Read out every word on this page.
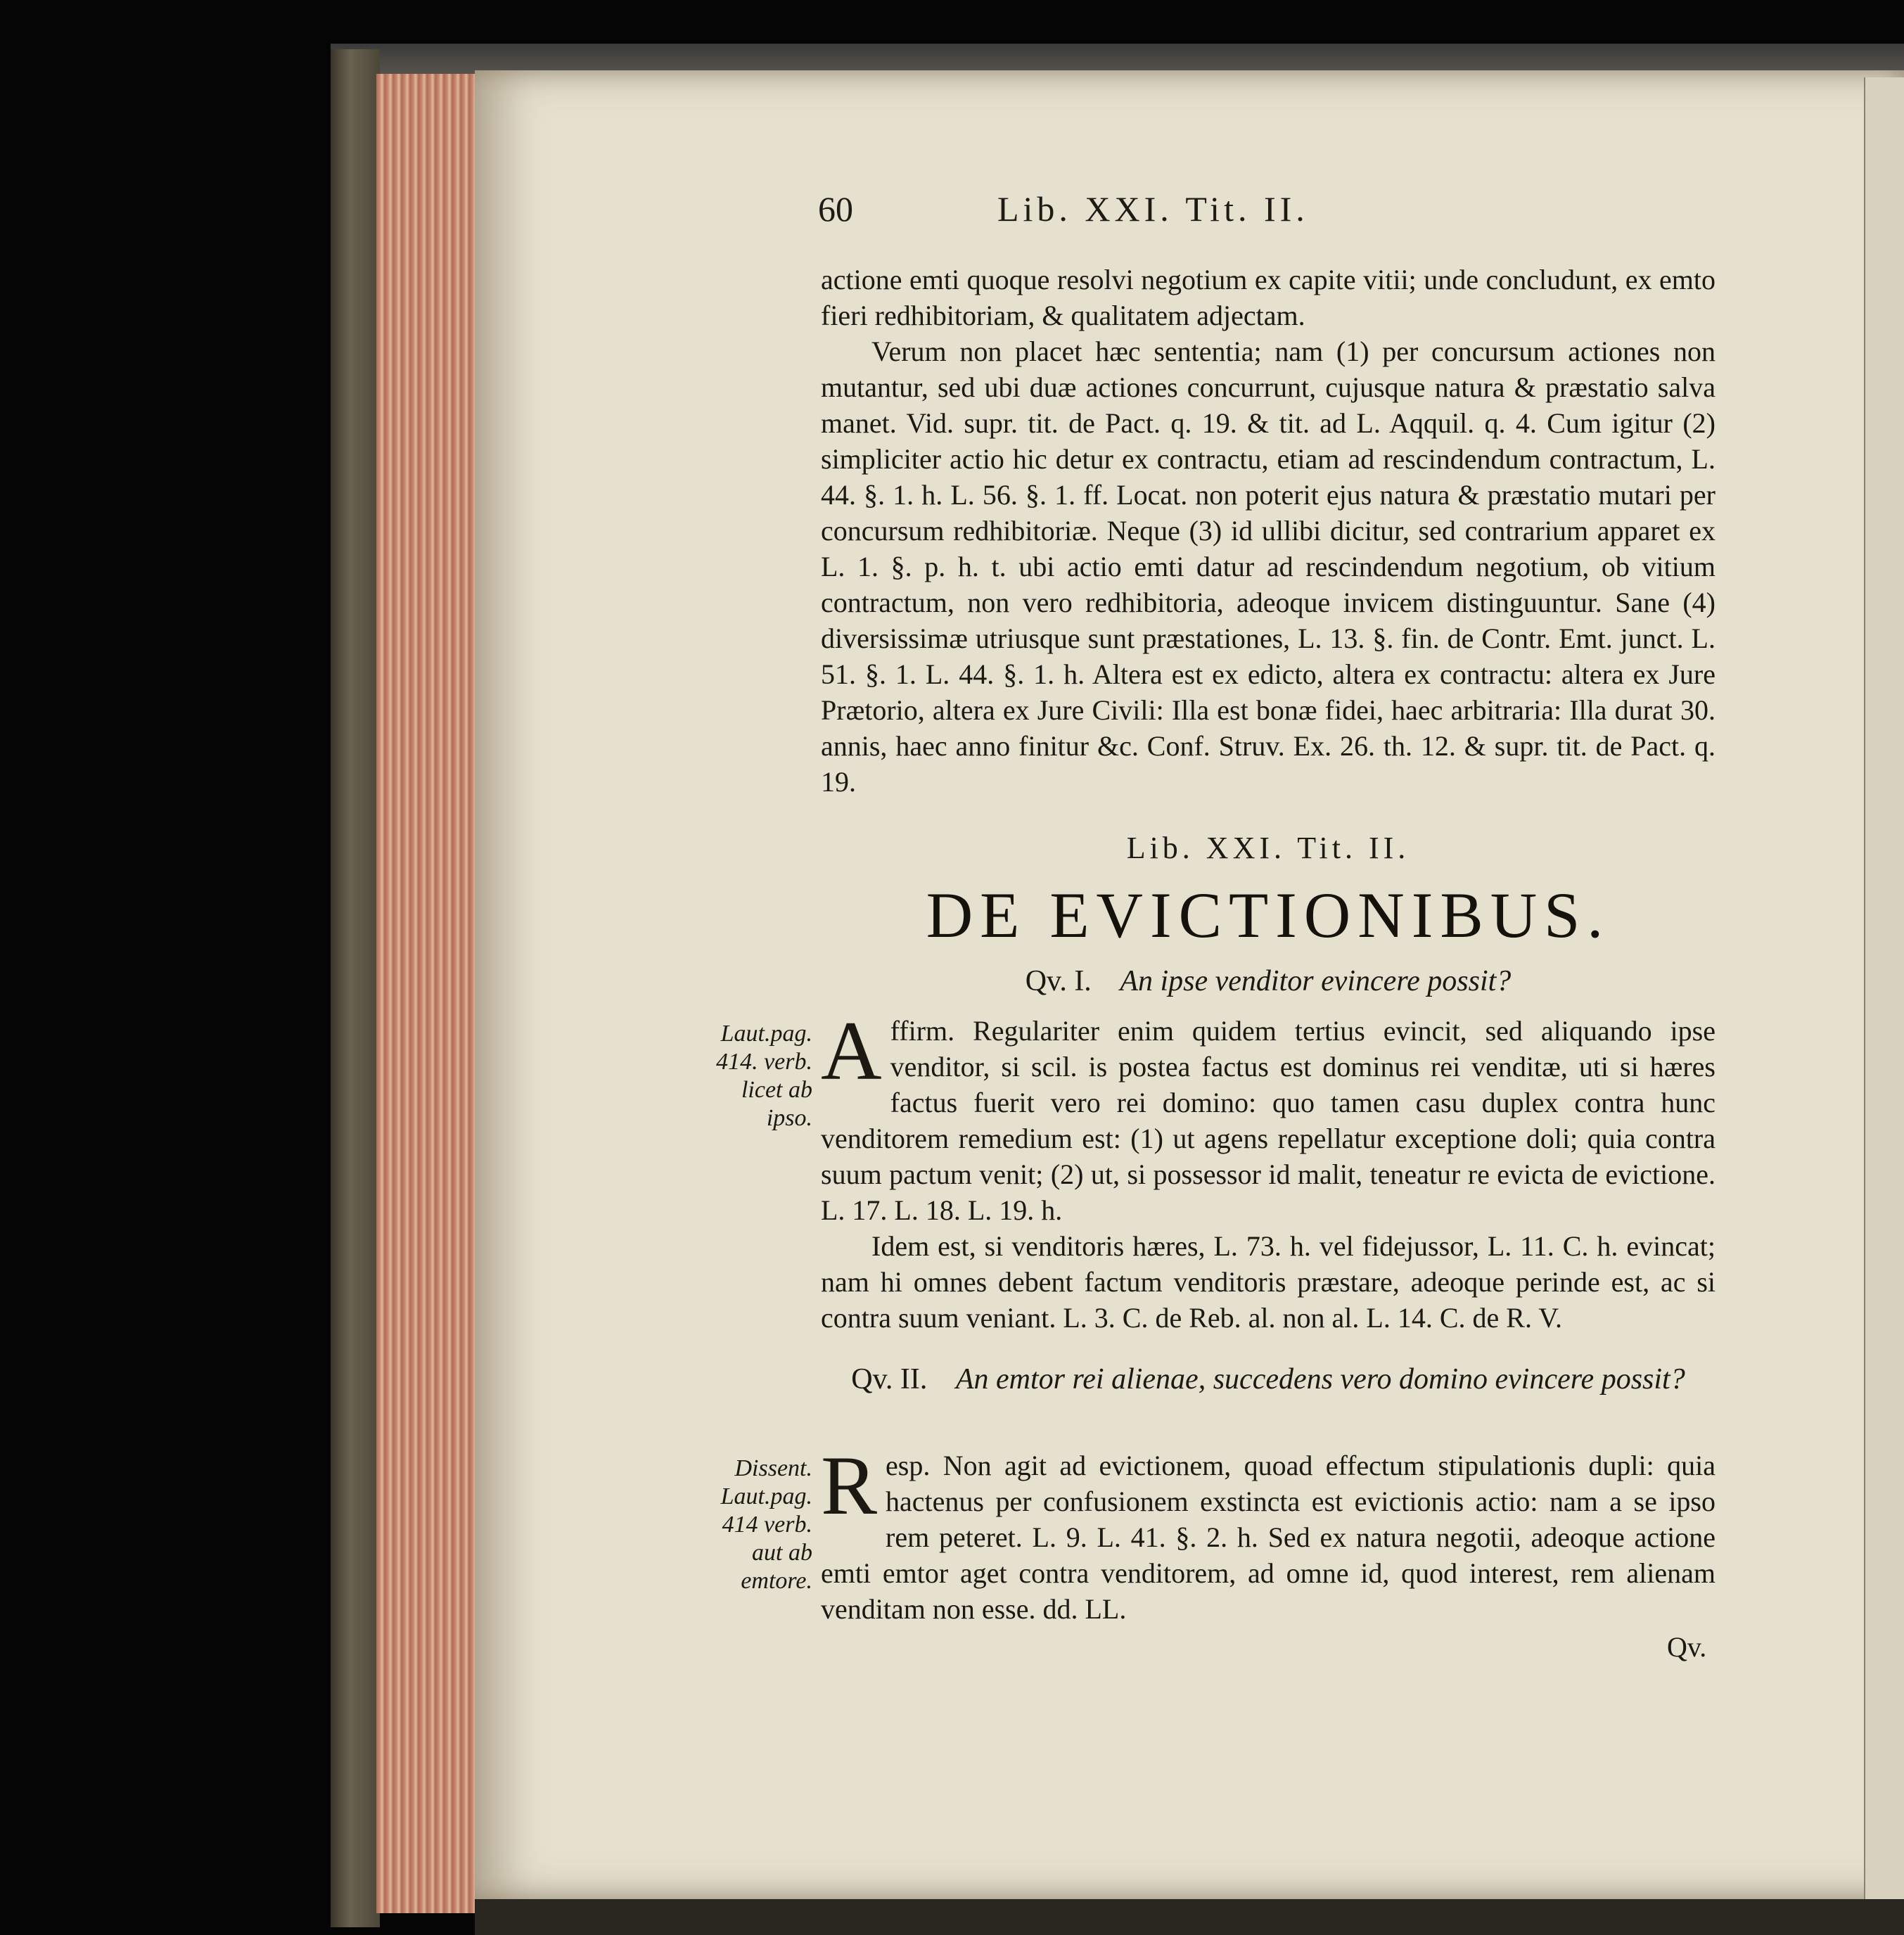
60	Lib. XXI. Tit. II.

actione emti quoque resolvi negotium ex capite vitii; unde concludunt, ex emto fieri redhibitoriam, & qualitatem adjectam.

Verum non placet hæc sententia; nam (1) per concursum actiones non mutantur, sed ubi duæ actiones concurrunt, cujusque natura & præstatio salva manet. Vid. supr. tit. de Pact. q. 19. & tit. ad L. Aqquil. q. 4. Cum igitur (2) simpliciter actio hic detur ex contractu, etiam ad rescindendum contractum, L. 44. §. 1. h. L. 56. §. 1. ff. Locat. non poterit ejus natura & præstatio mutari per concursum redhibitoriæ. Neque (3) id ullibi dicitur, sed contrarium apparet ex L. 1. §. p. h. t. ubi actio emti datur ad rescindendum negotium, ob vitium contractum, non vero redhibitoria, adeoque invicem distinguuntur. Sane (4) diversissimæ utriusque sunt præstationes, L. 13. §. fin. de Contr. Emt. junct. L. 51. §. 1. L. 44. §. 1. h. Altera est ex edicto, altera ex contractu: altera ex Jure Prætorio, altera ex Jure Civili: Illa est bonæ fidei, haec arbitraria: Illa durat 30. annis, haec anno finitur &c. Conf. Struv. Ex. 26. th. 12. & supr. tit. de Pact. q. 19.

Lib. XXI. Tit. II.
DE EVICTIONIBUS.
Qv. I. An ipse venditor evincere possit?
Laut.pag. 414. verb. licet ab ipso.

Affirm. Regulariter enim quidem tertius evincit, sed aliquando ipse venditor, si scil. is postea factus est dominus rei venditæ, uti si hæres factus fuerit vero rei domino: quo tamen casu duplex contra hunc venditorem remedium est: (1) ut agens repellatur exceptione doli; quia contra suum pactum venit; (2) ut, si possessor id malit, teneatur re evicta de evictione. L. 17. L. 18. L. 19. h.

Idem est, si venditoris hæres, L. 73. h. vel fidejussor, L. 11. C. h. evincat; nam hi omnes debent factum venditoris præstare, adeoque perinde est, ac si contra suum veniant. L. 3. C. de Reb. al. non al. L. 14. C. de R. V.

Qv. II. An emtor rei alienae, succedens vero domino evincere possit?
Dissent. Laut.pag. 414 verb. aut ab emtore.

Resp. Non agit ad evictionem, quoad effectum stipulationis dupli: quia hactenus per confusionem exstincta est evictionis actio: nam a se ipso rem peteret. L. 9. L. 41. §. 2. h. Sed ex natura negotii, adeoque actione emti emtor aget contra venditorem, ad omne id, quod interest, rem alienam venditam non esse. dd. LL.

Qv.
